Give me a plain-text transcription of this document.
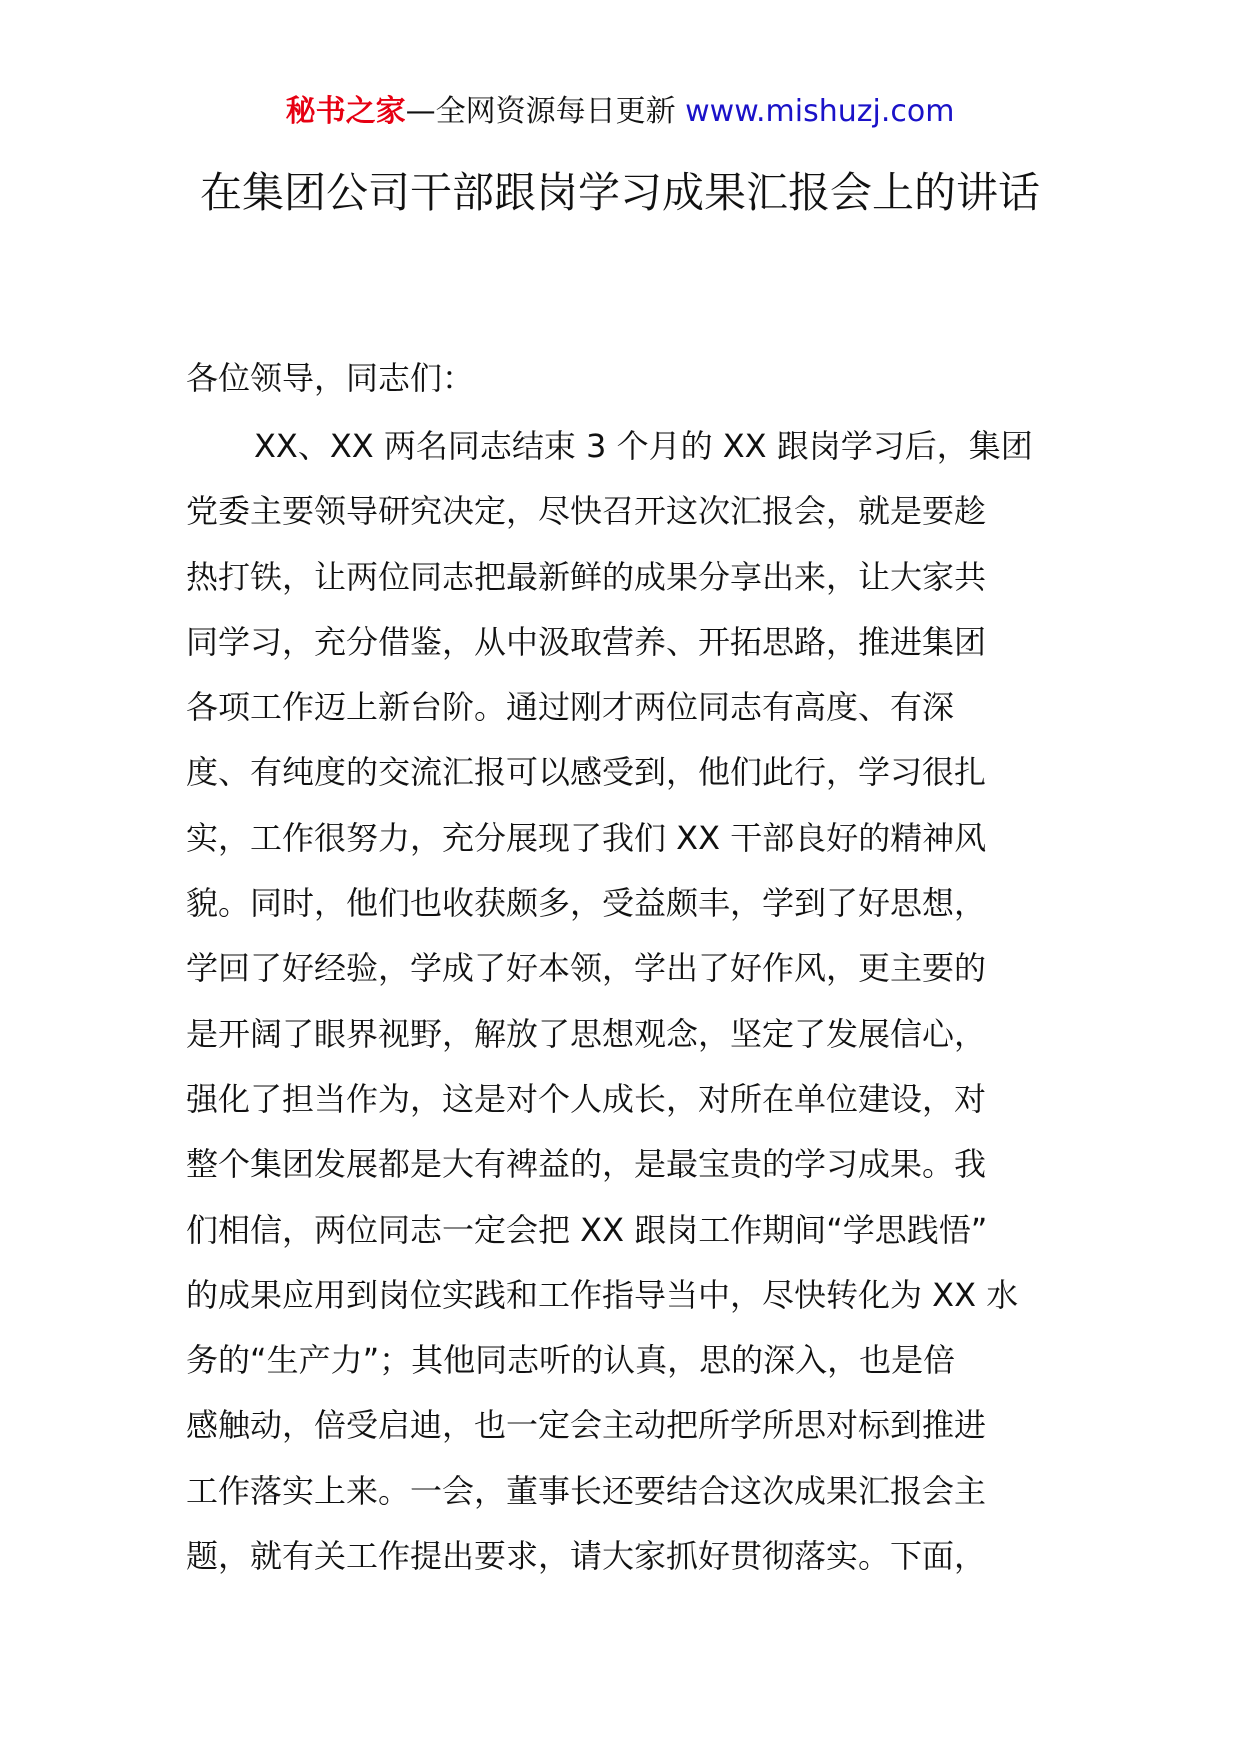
秘书之家—全网资源每日更新 www.mishuzj.com
在集团公司干部跟岗学习成果汇报会上的讲话
各位领导，同志们：
XX、XX 两名同志结束 3 个月的 XX 跟岗学习后，集团
党委主要领导研究决定，尽快召开这次汇报会，就是要趁
热打铁，让两位同志把最新鲜的成果分享出来，让大家共
同学习，充分借鉴，从中汲取营养、开拓思路，推进集团
各项工作迈上新台阶。通过刚才两位同志有高度、有深
度、有纯度的交流汇报可以感受到，他们此行，学习很扎
实，工作很努力，充分展现了我们 XX 干部良好的精神风
貌。同时，他们也收获颇多，受益颇丰，学到了好思想，
学回了好经验，学成了好本领，学出了好作风，更主要的
是开阔了眼界视野，解放了思想观念，坚定了发展信心，
强化了担当作为，这是对个人成长，对所在单位建设，对
整个集团发展都是大有裨益的，是最宝贵的学习成果。我
们相信，两位同志一定会把 XX 跟岗工作期间“学思践悟”
的成果应用到岗位实践和工作指导当中，尽快转化为 XX 水
务的“生产力”；其他同志听的认真，思的深入，也是倍
感触动，倍受启迪，也一定会主动把所学所思对标到推进
工作落实上来。一会，董事长还要结合这次成果汇报会主
题，就有关工作提出要求，请大家抓好贯彻落实。下面，
